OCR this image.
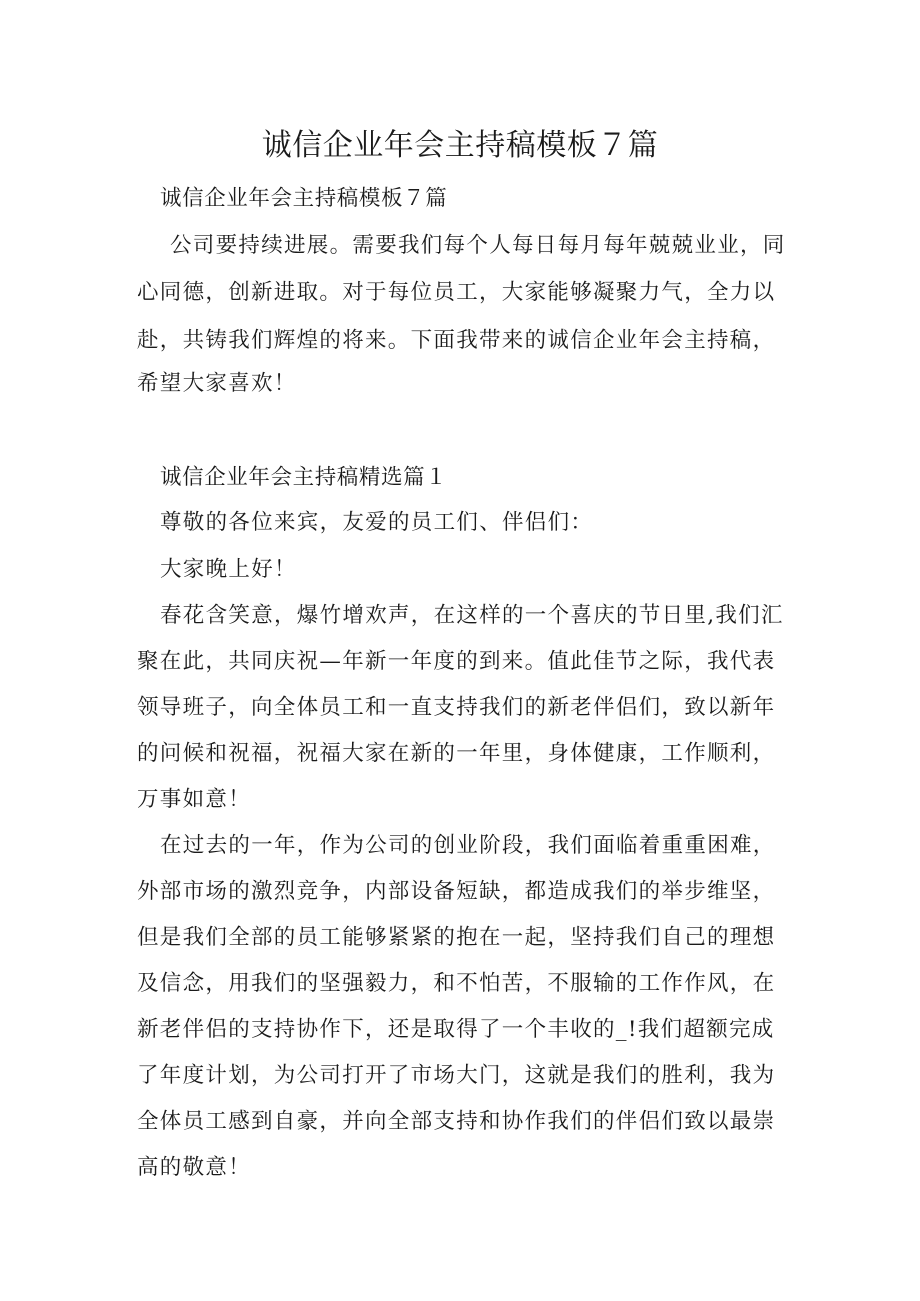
诚信企业年会主持稿模板７篇

诚信企业年会主持稿模板７篇

公司要持续进展。需要我们每个人每日每月每年兢兢业业，同

心同德，创新进取。对于每位员工，大家能够凝聚力气，全力以

赴，共铸我们辉煌的将来。下面我带来的诚信企业年会主持稿，

希望大家喜欢！

诚信企业年会主持稿精选篇１

尊敬的各位来宾，友爱的员工们、伴侣们：

大家晚上好！

春花含笑意，爆竹增欢声，在这样的一个喜庆的节日里,我们汇

聚在此，共同庆祝—年新一年度的到来。值此佳节之际，我代表

领导班子，向全体员工和一直支持我们的新老伴侣们，致以新年

的问候和祝福，祝福大家在新的一年里，身体健康，工作顺利，

万事如意！

在过去的一年，作为公司的创业阶段，我们面临着重重困难，

外部市场的激烈竞争，内部设备短缺，都造成我们的举步维坚，

但是我们全部的员工能够紧紧的抱在一起，坚持我们自己的理想

及信念，用我们的坚强毅力，和不怕苦，不服输的工作作风，在

新老伴侣的支持协作下，还是取得了一个丰收的_!我们超额完成

了年度计划，为公司打开了市场大门，这就是我们的胜利，我为

全体员工感到自豪，并向全部支持和协作我们的伴侣们致以最崇

高的敬意！
